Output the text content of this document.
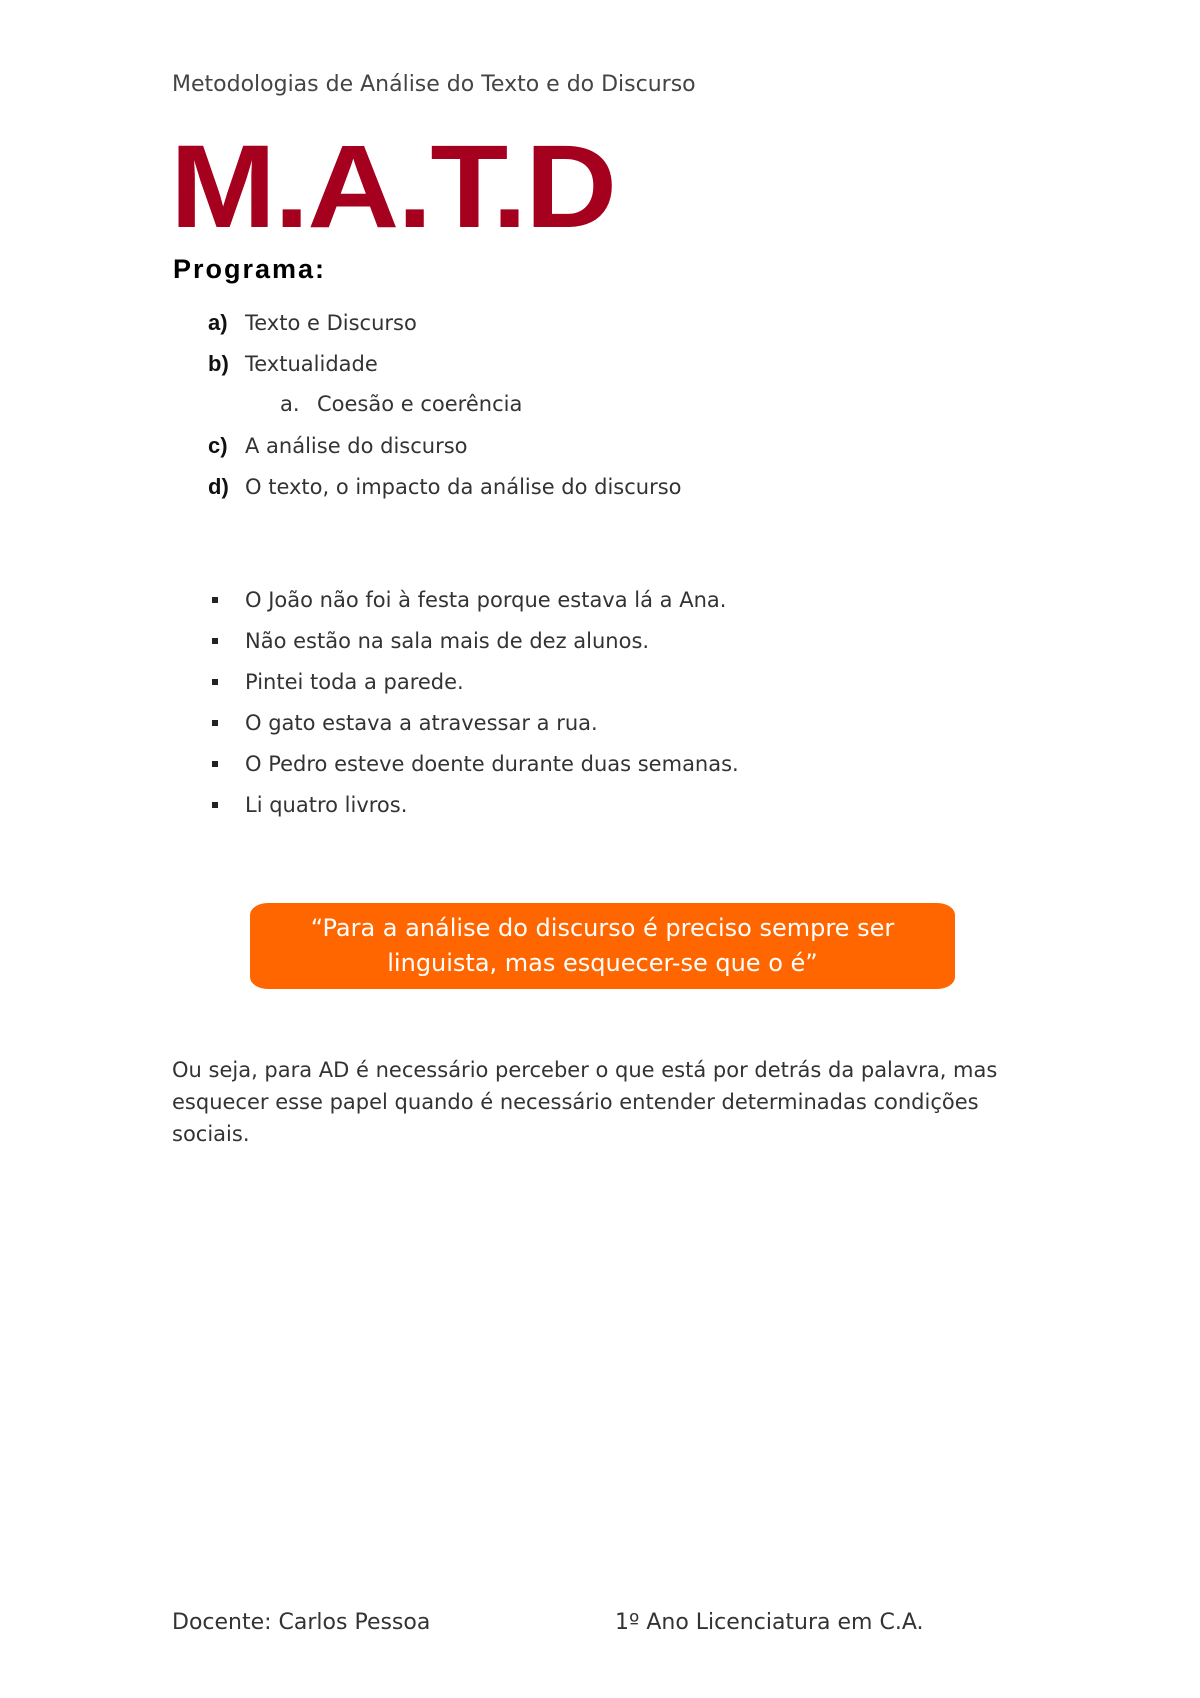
Metodologias de Análise do Texto e do Discurso
M.A.T.D
Programa:
a) Texto e Discurso
b) Textualidade
a. Coesão e coerência
c) A análise do discurso
d) O texto, o impacto da análise do discurso
O João não foi à festa porque estava lá a Ana.
Não estão na sala mais de dez alunos.
Pintei toda a parede.
O gato estava a atravessar a rua.
O Pedro esteve doente durante duas semanas.
Li quatro livros.
“Para a análise do discurso é preciso sempre ser linguista, mas esquecer-se que o é”
Ou seja, para AD é necessário perceber o que está por detrás da palavra, mas esquecer esse papel quando é necessário entender determinadas condições sociais.
Docente: Carlos Pessoa	1º Ano Licenciatura em C.A.
